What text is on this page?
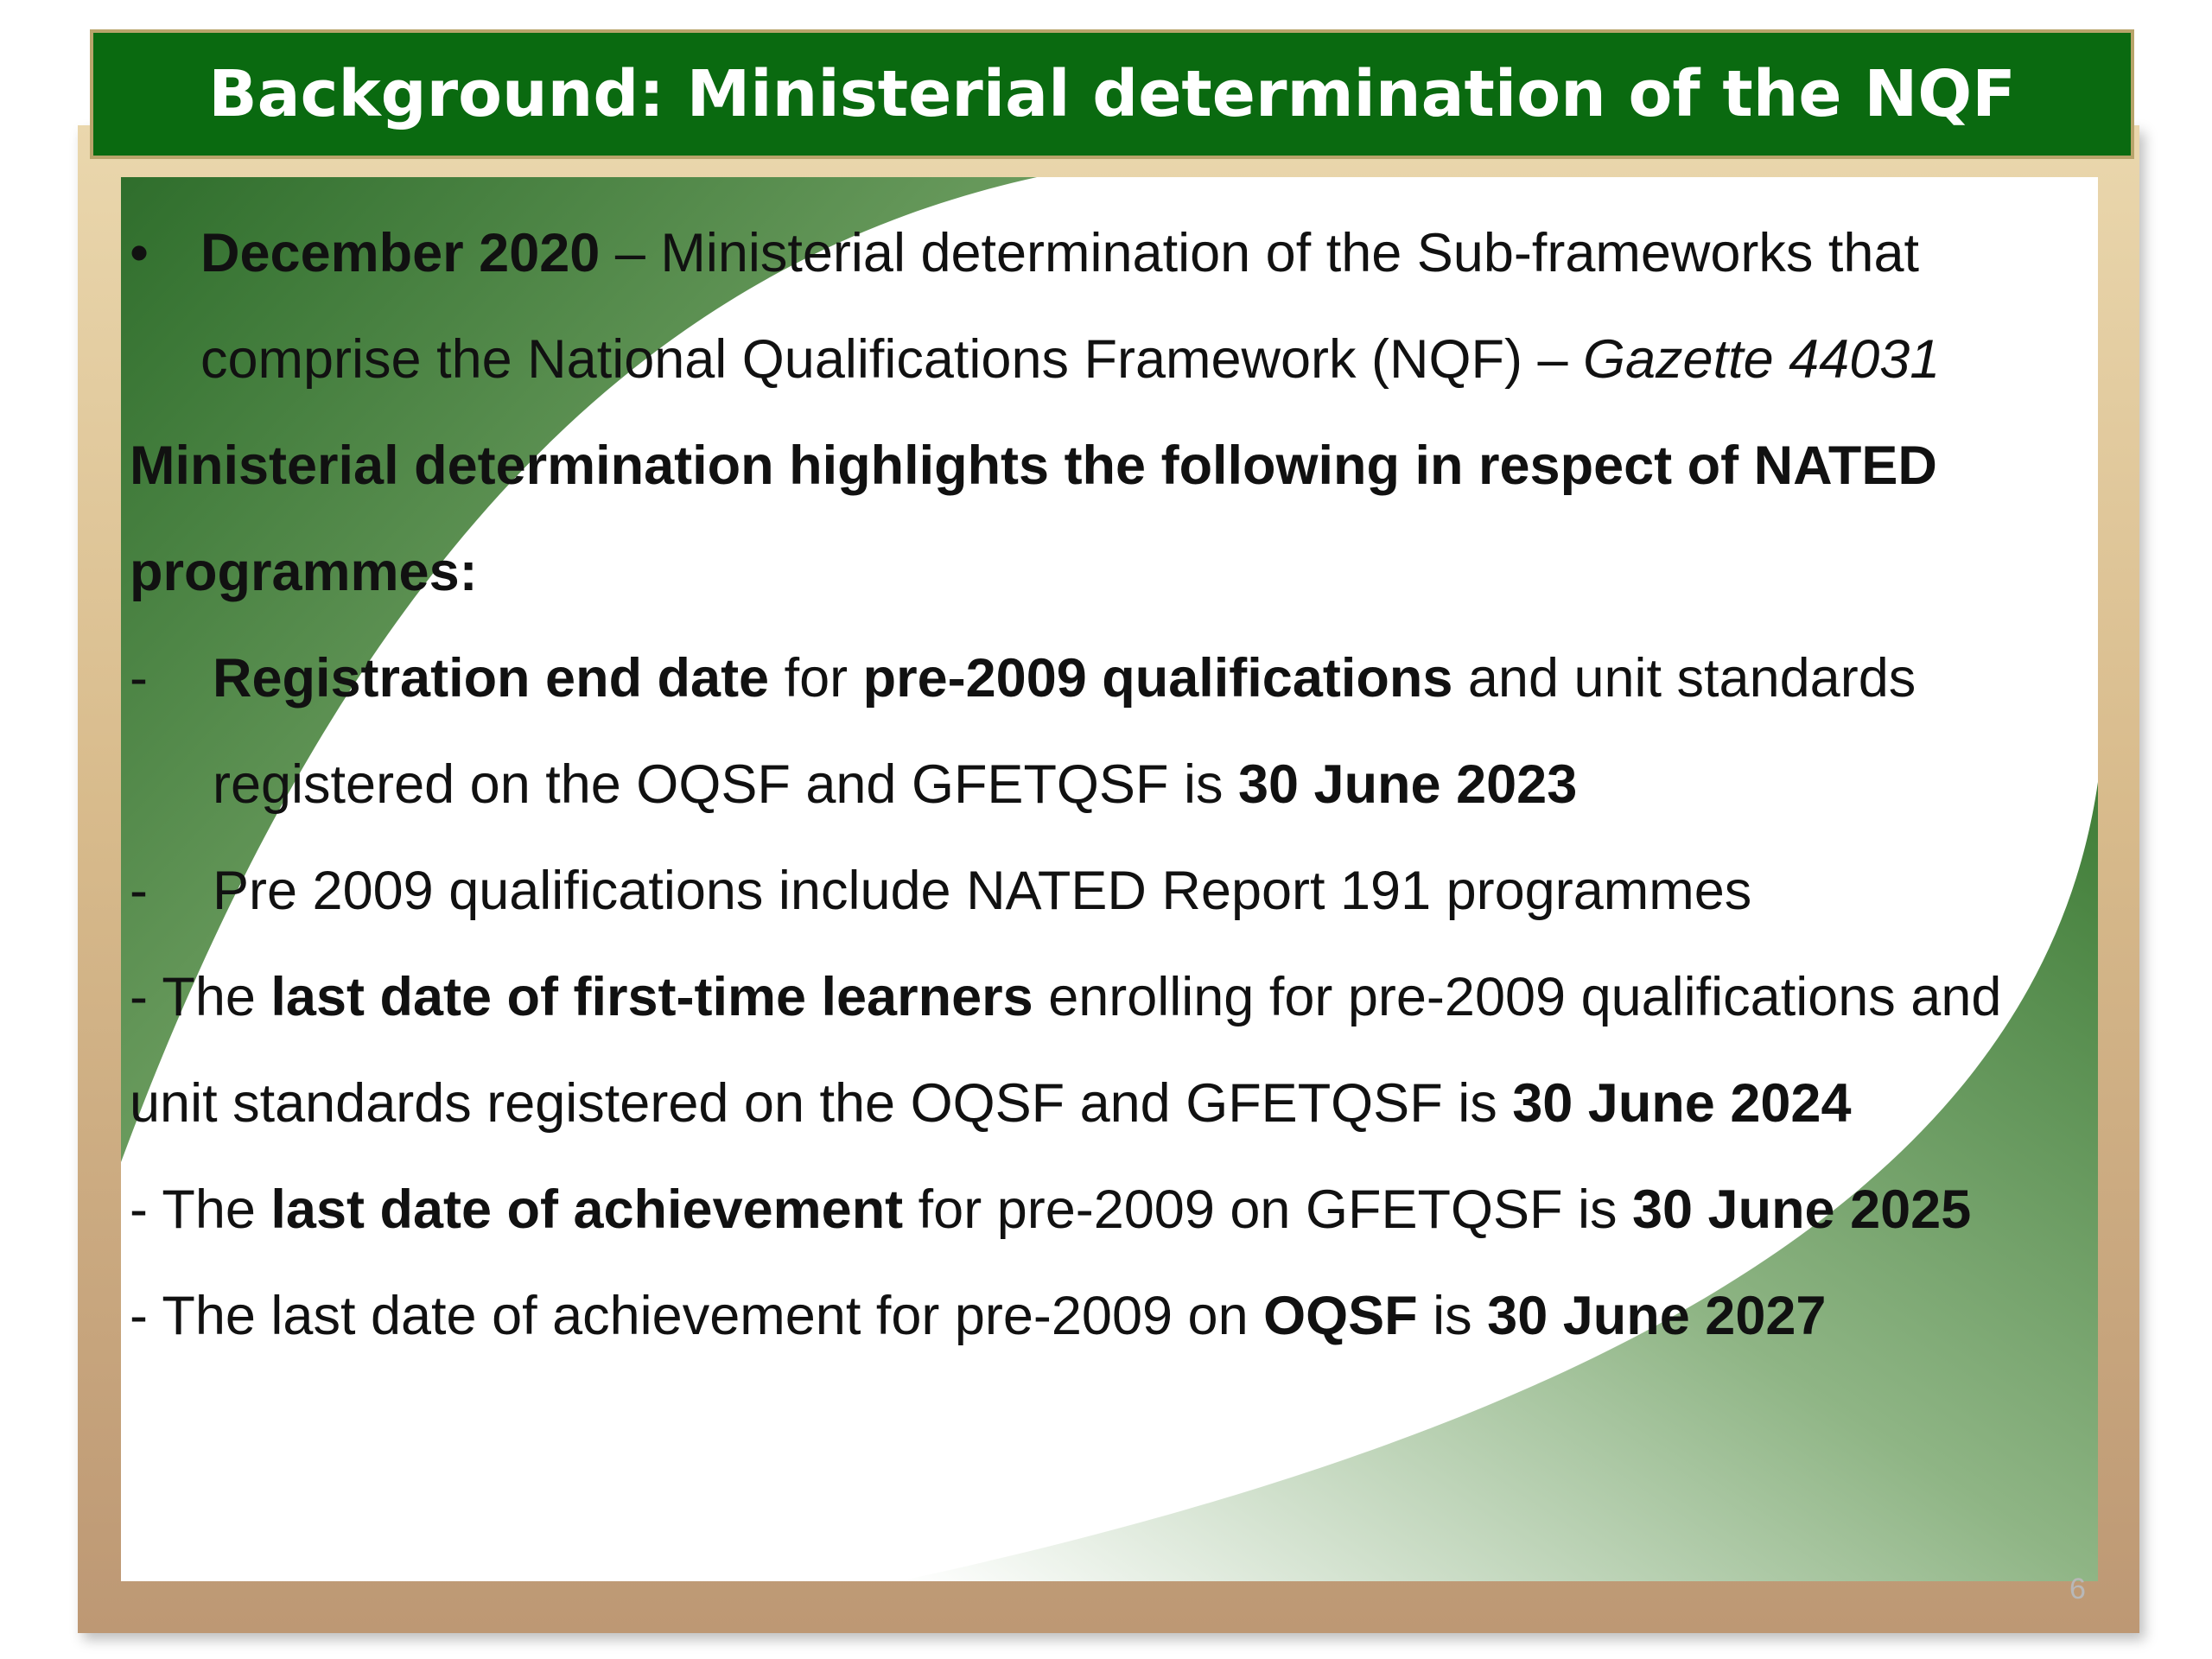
Background: Ministerial determination of the NQF
• December 2020 – Ministerial determination of the Sub-frameworks that
comprise the National Qualifications Framework (NQF) – Gazette 44031
Ministerial determination highlights the following in respect of NATED
programmes:
- Registration end date for pre-2009 qualifications and unit standards
registered on the OQSF and GFETQSF is 30 June 2023
- Pre 2009 qualifications include NATED Report 191 programmes
- The last date of first-time learners enrolling for pre-2009 qualifications and
unit standards registered on the OQSF and GFETQSF is 30 June 2024
- The last date of achievement for pre-2009 on GFETQSF is 30 June 2025
- The last date of achievement for pre-2009 on OQSF is 30 June 2027
6
